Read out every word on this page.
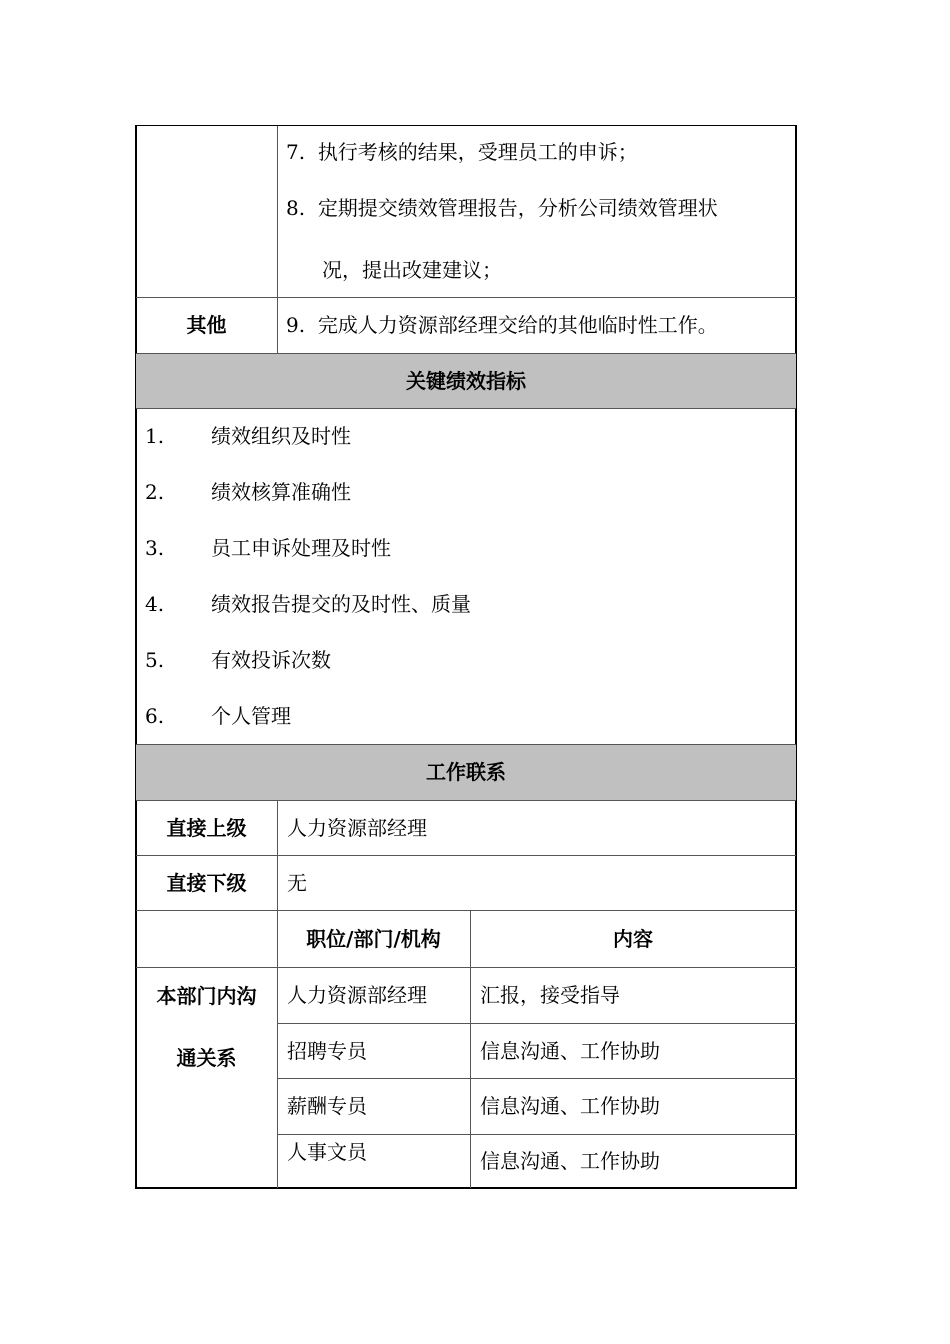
7. 执行考核的结果，受理员工的申诉；
8. 定期提交绩效管理报告，分析公司绩效管理状
况，提出改建建议；
其他	9. 完成人力资源部经理交给的其他临时性工作。
关键绩效指标
1. 绩效组织及时性
2. 绩效核算准确性
3. 员工申诉处理及时性
4. 绩效报告提交的及时性、质量
5. 有效投诉次数
6. 个人管理
工作联系
直接上级	人力资源部经理
直接下级	无
职位/部门/机构	内容
本部门内沟
通关系
人力资源部经理	汇报，接受指导
招聘专员	信息沟通、工作协助
薪酬专员	信息沟通、工作协助
人事文员	信息沟通、工作协助
